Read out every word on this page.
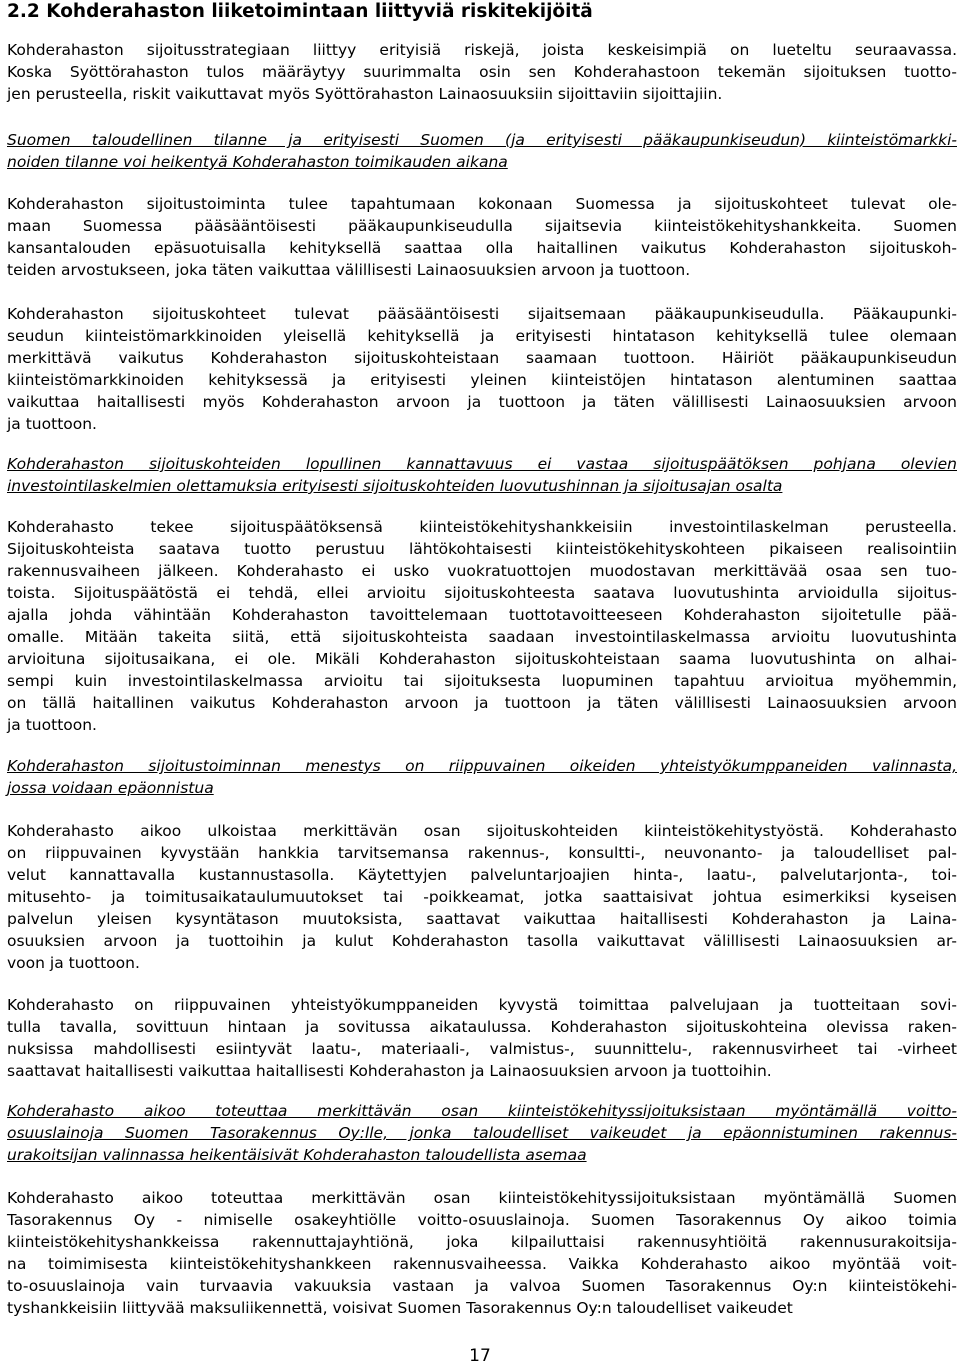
2.2 Kohderahaston liiketoimintaan liittyviä riskitekijöitä
Kohderahaston sijoitusstrategiaan liittyy erityisiä riskejä, joista keskeisimpiä on lueteltu seuraavassa.
Koska Syöttörahaston tulos määräytyy suurimmalta osin sen Kohderahastoon tekemän sijoituksen tuotto-
jen perusteella, riskit vaikuttavat myös Syöttörahaston Lainaosuuksiin sijoittaviin sijoittajiin.
Suomen taloudellinen tilanne ja erityisesti Suomen (ja erityisesti pääkaupunkiseudun) kiinteistömarkki-
noiden tilanne voi heikentyä Kohderahaston toimikauden aikana
Kohderahaston sijoitustoiminta tulee tapahtumaan kokonaan Suomessa ja sijoituskohteet tulevat ole-
maan Suomessa pääsääntöisesti pääkaupunkiseudulla sijaitsevia kiinteistökehityshankkeita. Suomen
kansantalouden epäsuotuisalla kehityksellä saattaa olla haitallinen vaikutus Kohderahaston sijoituskoh-
teiden arvostukseen, joka täten vaikuttaa välillisesti Lainaosuuksien arvoon ja tuottoon.
Kohderahaston sijoituskohteet tulevat pääsääntöisesti sijaitsemaan pääkaupunkiseudulla. Pääkaupunki-
seudun kiinteistömarkkinoiden yleisellä kehityksellä ja erityisesti hintatason kehityksellä tulee olemaan
merkittävä vaikutus Kohderahaston sijoituskohteistaan saamaan tuottoon. Häiriöt pääkaupunkiseudun
kiinteistömarkkinoiden kehityksessä ja erityisesti yleinen kiinteistöjen hintatason alentuminen saattaa
vaikuttaa haitallisesti myös Kohderahaston arvoon ja tuottoon ja täten välillisesti Lainaosuuksien arvoon
ja tuottoon.
Kohderahaston sijoituskohteiden lopullinen kannattavuus ei vastaa sijoituspäätöksen pohjana olevien
investointilaskelmien olettamuksia erityisesti sijoituskohteiden luovutushinnan ja sijoitusajan osalta
Kohderahasto tekee sijoituspäätöksensä kiinteistökehityshankkeisiin investointilaskelman perusteella.
Sijoituskohteista saatava tuotto perustuu lähtökohtaisesti kiinteistökehityskohteen pikaiseen realisointiin
rakennusvaiheen jälkeen. Kohderahasto ei usko vuokratuottojen muodostavan merkittävää osaa sen tuo-
toista. Sijoituspäätöstä ei tehdä, ellei arvioitu sijoituskohteesta saatava luovutushinta arvioidulla sijoitus-
ajalla johda vähintään Kohderahaston tavoittelemaan tuottotavoitteeseen Kohderahaston sijoitetulle pää-
omalle. Mitään takeita siitä, että sijoituskohteista saadaan investointilaskelmassa arvioitu luovutushinta
arvioituna sijoitusaikana, ei ole. Mikäli Kohderahaston sijoituskohteistaan saama luovutushinta on alhai-
sempi kuin investointilaskelmassa arvioitu tai sijoituksesta luopuminen tapahtuu arvioitua myöhemmin,
on tällä haitallinen vaikutus Kohderahaston arvoon ja tuottoon ja täten välillisesti Lainaosuuksien arvoon
ja tuottoon.
Kohderahaston sijoitustoiminnan menestys on riippuvainen oikeiden yhteistyökumppaneiden valinnasta,
jossa voidaan epäonnistua
Kohderahasto aikoo ulkoistaa merkittävän osan sijoituskohteiden kiinteistökehitystyöstä. Kohderahasto
on riippuvainen kyvystään hankkia tarvitsemansa rakennus-, konsultti-, neuvonanto- ja taloudelliset pal-
velut kannattavalla kustannustasolla. Käytettyjen palveluntarjoajien hinta-, laatu-, palvelutarjonta-, toi-
mitusehto- ja toimitusaikataulumuutokset tai -poikkeamat, jotka saattaisivat johtua esimerkiksi kyseisen
palvelun yleisen kysyntätason muutoksista, saattavat vaikuttaa haitallisesti Kohderahaston ja Laina-
osuuksien arvoon ja tuottoihin ja kulut Kohderahaston tasolla vaikuttavat välillisesti Lainaosuuksien ar-
voon ja tuottoon.
Kohderahasto on riippuvainen yhteistyökumppaneiden kyvystä toimittaa palvelujaan ja tuotteitaan sovi-
tulla tavalla, sovittuun hintaan ja sovitussa aikataulussa. Kohderahaston sijoituskohteina olevissa raken-
nuksissa mahdollisesti esiintyvät laatu-, materiaali-, valmistus-, suunnittelu-, rakennusvirheet tai -virheet
saattavat haitallisesti vaikuttaa haitallisesti Kohderahaston ja Lainaosuuksien arvoon ja tuottoihin.
Kohderahasto aikoo toteuttaa merkittävän osan kiinteistökehityssijoituksistaan myöntämällä voitto-
osuuslainoja Suomen Tasorakennus Oy:lle, jonka taloudelliset vaikeudet ja epäonnistuminen rakennus-
urakoitsijan valinnassa heikentäisivät Kohderahaston taloudellista asemaa
Kohderahasto aikoo toteuttaa merkittävän osan kiinteistökehityssijoituksistaan myöntämällä Suomen
Tasorakennus Oy - nimiselle osakeyhtiölle voitto-osuuslainoja. Suomen Tasorakennus Oy aikoo toimia
kiinteistökehityshankkeissa rakennuttajayhtiönä, joka kilpailuttaisi rakennusyhtiöitä rakennusurakoitsija-
na toimimisesta kiinteistökehityshankkeen rakennusvaiheessa. Vaikka Kohderahasto aikoo myöntää voit-
to-osuuslainoja vain turvaavia vakuuksia vastaan ja valvoa Suomen Tasorakennus Oy:n kiinteistökehi-
tyshankkeisiin liittyvää maksuliikennettä, voisivat Suomen Tasorakennus Oy:n taloudelliset vaikeudet
17
